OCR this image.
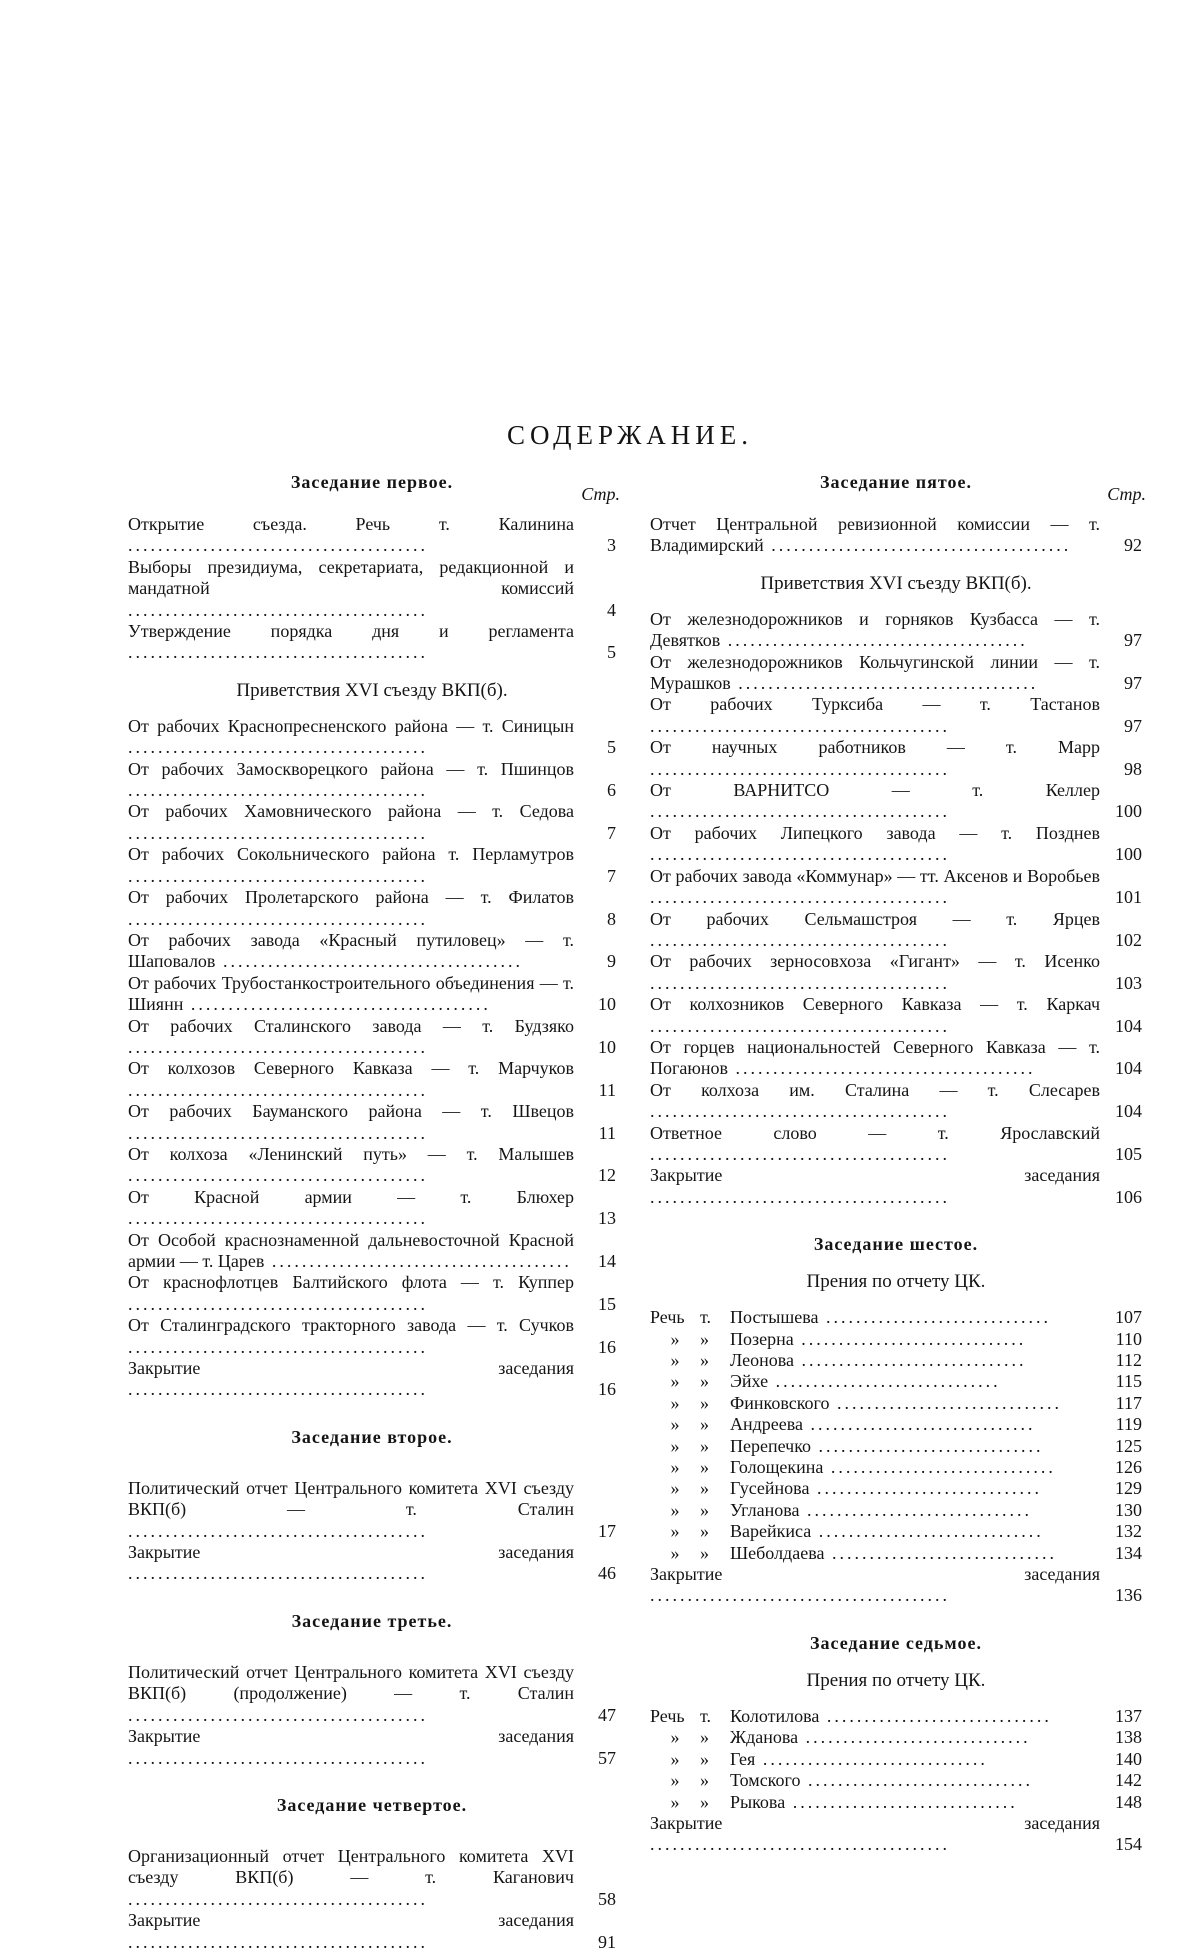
СОДЕРЖАНИЕ.
Заседание первое.
Стр.
Открытие съезда. Речь т. Калинина ........................................	3
Выборы президиума, секретариата, редакционной и мандатной комиссий ........................................	4
Утверждение порядка дня и регламента ........................................	5
Приветствия XVI съезду ВКП(б).
От рабочих Краснопресненского района — т. Синицын ........................................	5
От рабочих Замоскворецкого района — т. Пшинцов ........................................	6
От рабочих Хамовнического района — т. Седова ........................................	7
От рабочих Сокольнического района т. Перламутров ........................................	7
От рабочих Пролетарского района — т. Филатов ........................................	8
От рабочих завода «Красный путиловец» — т. Шаповалов ........................................	9
От рабочих Трубостанкостроительного объединения — т. Шиянн ........................................	10
От рабочих Сталинского завода — т. Будзяко ........................................	10
От колхозов Северного Кавказа — т. Марчуков ........................................	11
От рабочих Бауманского района — т. Швецов ........................................	11
От колхоза «Ленинский путь» — т. Малышев ........................................	12
От Красной армии — т. Блюхер ........................................	13
От Особой краснознаменной дальневосточной Красной армии — т. Царев ........................................	14
От краснофлотцев Балтийского флота — т. Куппер ........................................	15
От Сталинградского тракторного завода — т. Сучков ........................................	16
Закрытие заседания ........................................	16
Заседание второе.
Политический отчет Центрального комитета XVI съезду ВКП(б) — т. Сталин ........................................	17
Закрытие заседания ........................................	46
Заседание третье.
Политический отчет Центрального комитета XVI съезду ВКП(б) (продолжение) — т. Сталин ........................................	47
Закрытие заседания ........................................	57
Заседание четвертое.
Организационный отчет Центрального комитета XVI съезду ВКП(б) — т. Каганович ........................................	58
Закрытие заседания ........................................	91
Заседание пятое.
Стр.
Отчет Центральной ревизионной комиссии — т. Владимирский ........................................	92
Приветствия XVI съезду ВКП(б).
От железнодорожников и горняков Кузбасса — т. Девятков ........................................	97
От железнодорожников Кольчугинской линии — т. Мурашков ........................................	97
От рабочих Турксиба — т. Тастанов ........................................	97
От научных работников — т. Марр ........................................	98
От ВАРНИТСО — т. Келлер ........................................	100
От рабочих Липецкого завода — т. Позднев ........................................	100
От рабочих завода «Коммунар» — тт. Аксенов и Воробьев ........................................	101
От рабочих Сельмашстроя — т. Ярцев ........................................	102
От рабочих зерносовхоза «Гигант» — т. Исенко ........................................	103
От колхозников Северного Кавказа — т. Каркач ........................................	104
От горцев национальностей Северного Кавказа — т. Погаюнов ........................................	104
От колхоза им. Сталина — т. Слесарев ........................................	104
Ответное слово — т. Ярославский ........................................	105
Закрытие заседания ........................................	106
Заседание шестое.
Прения по отчету ЦК.
Речь т.	Постышева ..............................	107
»	»	Позерна ..............................	110
»	»	Леонова ..............................	112
»	»	Эйхе ..............................	115
»	»	Финковского ..............................	117
»	»	Андреева ..............................	119
»	»	Перепечко ..............................	125
»	»	Голощекина ..............................	126
»	»	Гусейнова ..............................	129
»	»	Угланова ..............................	130
»	»	Варейкиса ..............................	132
»	»	Шеболдаева ..............................	134
Закрытие заседания ........................................	136
Заседание седьмое.
Прения по отчету ЦК.
Речь т.	Колотилова ..............................	137
»	»	Жданова ..............................	138
»	»	Гея ..............................	140
»	»	Томского ..............................	142
»	»	Рыкова ..............................	148
Закрытие заседания ........................................	154
